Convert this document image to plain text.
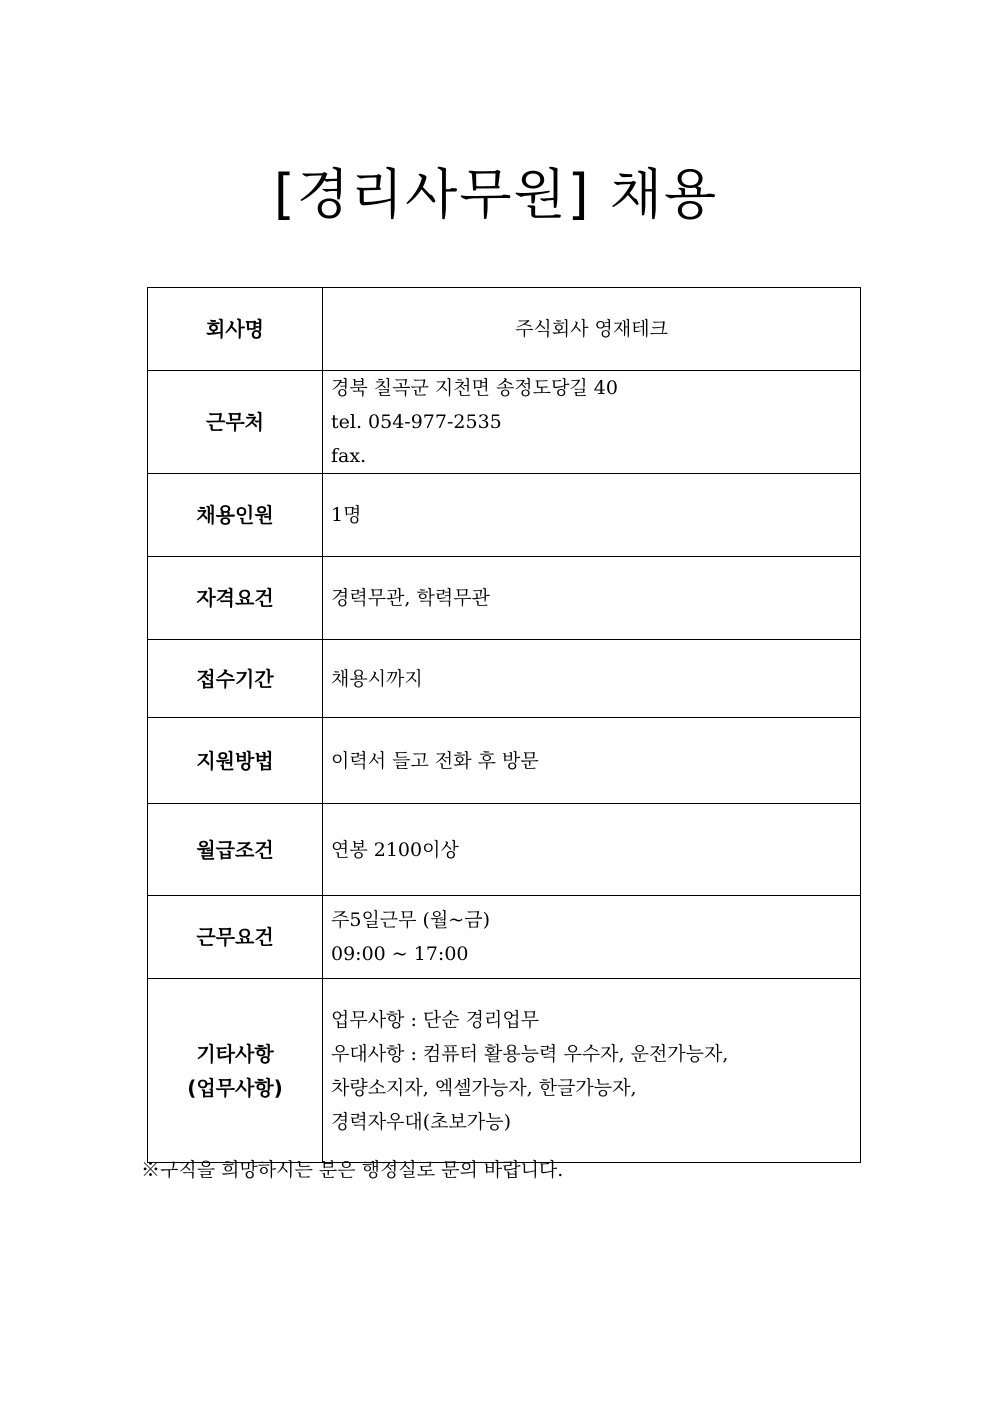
[경리사무원] 채용
회사명	주식회사 영재테크

근무처	경북 칠곡군 지천면 송정도당길 40
tel. 054-977-2535
fax.

채용인원	1명

자격요건	경력무관, 학력무관

접수기간	채용시까지

지원방법	이력서 들고 전화 후 방문

월급조건	연봉 2100이상

근무요건	주5일근무 (월~금)
09:00 ~ 17:00

기타사항
(업무사항)	업무사항 : 단순 경리업무
우대사항 : 컴퓨터 활용능력 우수자, 운전가능자,
차량소지자, 엑셀가능자, 한글가능자,
경력자우대(초보가능)
※구직을 희망하시는 분은 행정실로 문의 바랍니다.
